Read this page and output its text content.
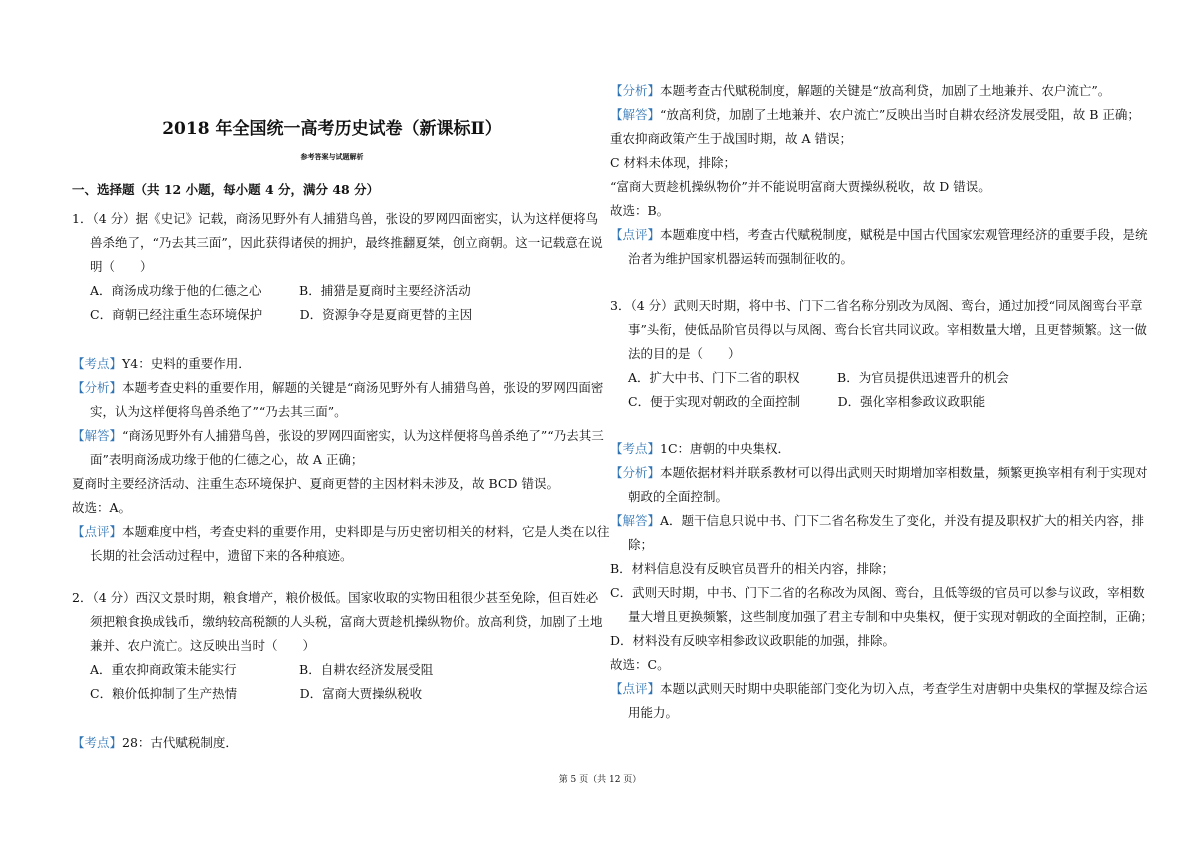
2018 年全国统一高考历史试卷（新课标Ⅱ）
参考答案与试题解析
一、选择题（共 12 小题，每小题 4 分，满分 48 分）
1．（4 分）据《史记》记载，商汤见野外有人捕猎鸟兽，张设的罗网四面密实，认为这样便将鸟
兽杀绝了，“乃去其三面”，因此获得诸侯的拥护，最终推翻夏桀，创立商朝。这一记载意在说
明（　　）
A．商汤成功缘于他的仁德之心　　　B．捕猎是夏商时主要经济活动
C．商朝已经注重生态环境保护　　　D．资源争夺是夏商更替的主因
【考点】Y4：史料的重要作用．
【分析】本题考查史料的重要作用，解题的关键是“商汤见野外有人捕猎鸟兽，张设的罗网四面密
实，认为这样便将鸟兽杀绝了”“乃去其三面”。
【解答】“商汤见野外有人捕猎鸟兽，张设的罗网四面密实，认为这样便将鸟兽杀绝了”“乃去其三
面”表明商汤成功缘于他的仁德之心，故 A 正确；
夏商时主要经济活动、注重生态环境保护、夏商更替的主因材料未涉及，故 BCD 错误。
故选：A。
【点评】本题难度中档，考查史料的重要作用，史料即是与历史密切相关的材料，它是人类在以往
长期的社会活动过程中，遗留下来的各种痕迹。
2．（4 分）西汉文景时期，粮食增产，粮价极低。国家收取的实物田租很少甚至免除，但百姓必
须把粮食换成钱币，缴纳较高税额的人头税，富商大贾趁机操纵物价。放高利贷，加剧了土地
兼并、农户流亡。这反映出当时（　　）
A．重农抑商政策未能实行　　　　　B．自耕农经济发展受阻
C．粮价低抑制了生产热情　　　　　D．富商大贾操纵税收
【考点】28：古代赋税制度．
【分析】本题考查古代赋税制度，解题的关键是“放高利贷，加剧了土地兼并、农户流亡”。
【解答】“放高利贷，加剧了土地兼并、农户流亡”反映出当时自耕农经济发展受阻，故 B 正确；
重农抑商政策产生于战国时期，故 A 错误；
C 材料未体现，排除；
“富商大贾趁机操纵物价”并不能说明富商大贾操纵税收，故 D 错误。
故选：B。
【点评】本题难度中档，考查古代赋税制度，赋税是中国古代国家宏观管理经济的重要手段，是统
治者为维护国家机器运转而强制征收的。
3．（4 分）武则天时期，将中书、门下二省名称分别改为凤阁、鸾台，通过加授“同凤阁鸾台平章
事”头衔，使低品阶官员得以与凤阁、鸾台长官共同议政。宰相数量大增，且更替频繁。这一做
法的目的是（　　）
A．扩大中书、门下二省的职权　　　B．为官员提供迅速晋升的机会
C．便于实现对朝政的全面控制　　　D．强化宰相参政议政职能
【考点】1C：唐朝的中央集权．
【分析】本题依据材料并联系教材可以得出武则天时期增加宰相数量，频繁更换宰相有利于实现对
朝政的全面控制。
【解答】A．题干信息只说中书、门下二省名称发生了变化，并没有提及职权扩大的相关内容，排
除；
B．材料信息没有反映官员晋升的相关内容，排除；
C．武则天时期，中书、门下二省的名称改为凤阁、鸾台，且低等级的官员可以参与议政，宰相数
量大增且更换频繁，这些制度加强了君主专制和中央集权，便于实现对朝政的全面控制，正确；
D．材料没有反映宰相参政议政职能的加强，排除。
故选：C。
【点评】本题以武则天时期中央职能部门变化为切入点，考查学生对唐朝中央集权的掌握及综合运
用能力。
第 5 页（共 12 页）
